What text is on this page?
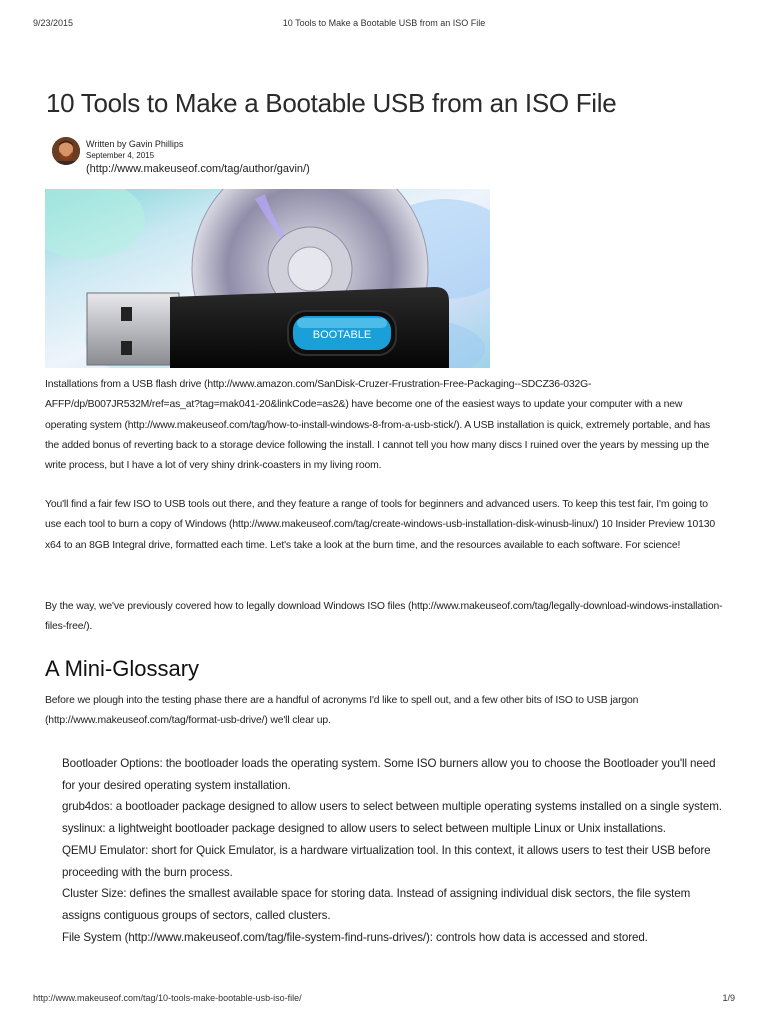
9/23/2015	10 Tools to Make a Bootable USB from an ISO File
10 Tools to Make a Bootable USB from an ISO File
Written by Gavin Phillips
September 4, 2015
(http://www.makeuseof.com/tag/author/gavin/)
BOOTABLE

Installations from a USB flash drive (http://www.amazon.com/SanDisk-Cruzer-Frustration-Free-Packaging--SDCZ36-032G-AFFP/dp/B007JR532M/ref=as_at?tag=mak041-20&linkCode=as2&) have become one of the easiest ways to update your computer with a new operating system (http://www.makeuseof.com/tag/how-to-install-windows-8-from-a-usb-stick/). A USB installation is quick, extremely portable, and has the added bonus of reverting back to a storage device following the install. I cannot tell you how many discs I ruined over the years by messing up the write process, but I have a lot of very shiny drink-coasters in my living room.

You'll find a fair few ISO to USB tools out there, and they feature a range of tools for beginners and advanced users. To keep this test fair, I'm going to use each tool to burn a copy of Windows (http://www.makeuseof.com/tag/create-windows-usb-installation-disk-winusb-linux/) 10 Insider Preview 10130 x64 to an 8GB Integral drive, formatted each time. Let's take a look at the burn time, and the resources available to each software. For science!

By the way, we've previously covered how to legally download Windows ISO files (http://www.makeuseof.com/tag/legally-download-windows-installation-files-free/).

A Mini-Glossary

Before we plough into the testing phase there are a handful of acronyms I'd like to spell out, and a few other bits of ISO to USB jargon (http://www.makeuseof.com/tag/format-usb-drive/) we'll clear up.

Bootloader Options: the bootloader loads the operating system. Some ISO burners allow you to choose the Bootloader you'll need for your desired operating system installation.
grub4dos: a bootloader package designed to allow users to select between multiple operating systems installed on a single system.
syslinux: a lightweight bootloader package designed to allow users to select between multiple Linux or Unix installations.
QEMU Emulator: short for Quick Emulator, is a hardware virtualization tool. In this context, it allows users to test their USB before proceeding with the burn process.
Cluster Size: defines the smallest available space for storing data. Instead of assigning individual disk sectors, the file system assigns contiguous groups of sectors, called clusters.
File System (http://www.makeuseof.com/tag/file-system-find-runs-drives/): controls how data is accessed and stored.
http://www.makeuseof.com/tag/10-tools-make-bootable-usb-iso-file/	1/9
